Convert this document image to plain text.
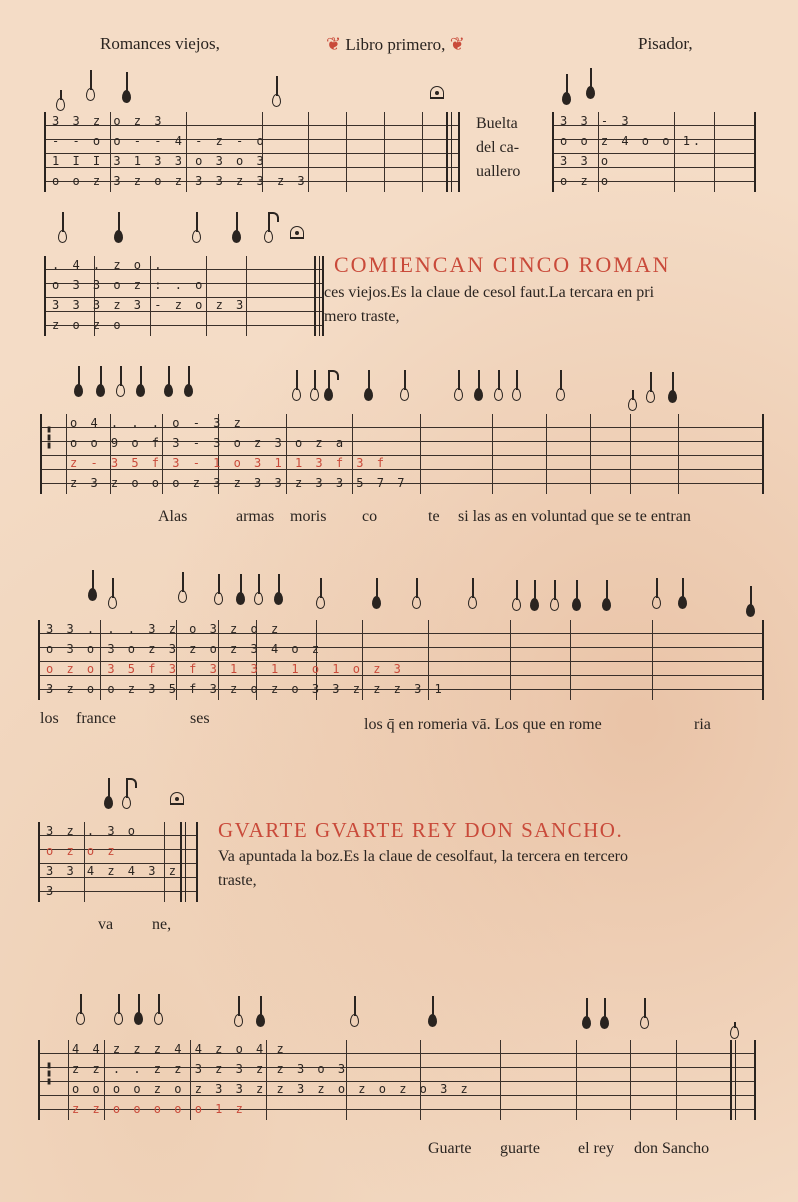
Romances viejos,	❦ Libro primero, ❦	Pisador,
3 3 z o z 3
- - o o - - 4 - z - o
1 I I 3 1 3 3 o 3 o 3
o o z 3 z o z 3 3 z 3 z 3
Buelta
del ca-
uallero
3 3 - 3
o o z 4 o o 1.
3 3 o
o z o
. 4 . z o .
o 3 3 o z : . o
3 3 3 z 3 - z o z 3
z o z o
COMIENCAN CINCO ROMAN
ces viejos.Es la claue de cesol faut.La tercara en pri
mero traste,
▮
▮
▮
o 4 . . . o - 3 z
o o 9 o f 3 - 3 o z 3 o z a
z - 3 5 f 3 - 1 o 3 1 1 3 f 3 f
z 3 z o o o z 3 z 3 3 z 3 3 5 7 7
Alas	armas moris co	te si las as en voluntad que se te entran
3 3 . . . 3 z o 3 z o z
o 3 o 3 o z 3 z o z 3 4 o z
o z o 3 5 f 3 f 3 1 3 1 1 o 1 o z 3
3 z o o z 3 5 f 3 z o z o 3 3 z z z 3 1
los france	ses	los q̄ en romeria vā. Los que en rome	ria
3 z . 3 o
o z o z
3 3 4 z 4 3 z
3
GVARTE GVARTE REY DON SANCHO.
Va apuntada la boz.Es la claue de cesolfaut, la tercera en tercero
traste,
va ne,
▮
▮
▮
4 4 z z z 4 4 z o 4 z
z z . . z z 3 z 3 z z 3 o 3
o o o o z o z 3 3 z z 3 z o z o z o 3 z
z z o o o o o 1 z
Guarte guarte el rey don Sancho
